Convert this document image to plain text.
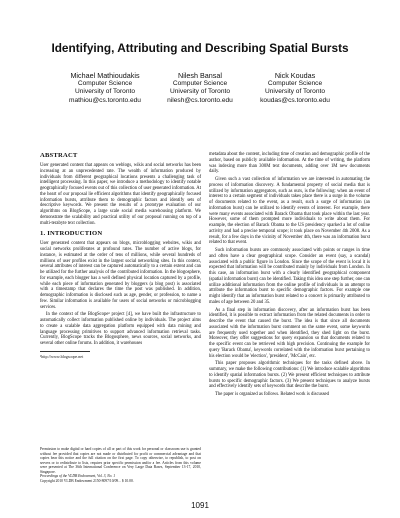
Identifying, Attributing and Describing Spatial Bursts
Michael Mathioudakis
Computer Science
University of Toronto
mathiou@cs.toronto.edu
Nilesh Bansal
Computer Science
University of Toronto
nilesh@cs.toronto.edu
Nick Koudas
Computer Science
University of Toronto
koudas@cs.toronto.edu
ABSTRACT

User generated content that appears on weblogs, wikis and social networks has been increasing at an unprecedented rate. The wealth of information produced by individuals from different geographical locations presents a challenging task of intelligent processing. In this paper, we introduce a methodology to identify notable geographically focused events out of this collection of user generated information. At the heart of our proposal lie efficient algorithms that identify geographically focused information bursts, attribute them to demographic factors and identify sets of descriptive keywords. We present the results of a prototype evaluation of our algorithms on BlogScope, a large scale social media warehousing platform. We demonstrate the scalability and practical utility of our proposal running on top of a multi-terabyte text collection.

1. INTRODUCTION

User generated content that appears on blogs, microblogging websites, wikis and social networks proliferates at profound rates. The number of active blogs, for instance, is estimated at the order of tens of millions, while several hundreds of millions of user profiles exist in the largest social networking sites. In this context, several attributes of interest can be captured automatically to a certain extent and can be utilized for the further analysis of the contributed information. In the blogosphere, for example, each blogger has a well defined physical location captured by a profile, while each piece of information generated by bloggers (a blog post) is associated with a timestamp that declares the time the post was published. In addition, demographic information is disclosed such as age, gender, or profession, to name a few. Similar information is available for users of social networks or microblogging services.

In the context of the BlogScope¹ project [4], we have built the infrastructure to automatically collect information published online by individuals. The project aims to create a scalable data aggregation platform equipped with data mining and language processing primitives to support advanced information retrieval tasks. Currently, BlogScope tracks the Blogosphere, news sources, social networks, and several other online forums. In addition, it warehouses

¹http://www.blogscope.net

Permission to make digital or hard copies of all or part of this work for personal or classroom use is granted without fee provided that copies are not made or distributed for profit or commercial advantage and that copies bear this notice and the full citation on the first page. To copy otherwise, to republish, to post on servers or to redistribute to lists, requires prior specific permission and/or a fee. Articles from this volume were presented at The 36th International Conference on Very Large Data Bases, September 13-17, 2010, Singapore.
Proceedings of the VLDB Endowment, Vol. 3, No. 1
Copyright 2010 VLDB Endowment 2150-8097/10/09... $ 10.00.

metadata about the content, including time of creation and demographic profile of the author, based on publicly available information. At the time of writing, the platform was indexing more than 300M text documents, adding over 1M new documents daily.

Given such a vast collection of information we are interested in automating the process of information discovery. A fundamental property of social media that is utilized by information aggregators, such as ours, is the following: when an event of interest to a certain segment of individuals takes place there is a surge in the volume of documents related to the event, as a result, such a surge of information (an information burst) can be utilized to identify events of interest. For example, there were many events associated with Barack Obama that took place within the last year. However, some of them prompted more individuals to write about them. For example, the election of Barack Obama to the US presidency sparked a lot of online activity and had a precise temporal scope; it took place on November 4th 2008. As a result, for a few days in the vicinity of November 4th, there was an information burst related to that event.

Such information bursts are commonly associated with points or ranges in time and often have a clear geographical scope. Consider an event (say, a scandal) associated with a public figure in London. Since the scope of the event is local it is expected that information will be contributed mainly by individuals from London. In this case, an information burst with a clearly identified geographical component (spatial information burst) can be identified. Taking this idea one step further, one can utilize additional information from the online profile of individuals in an attempt to attribute the information burst to specific demographic factors. For example one might identify that an information burst related to a concert is primarily attributed to males of age between 20 and 35.

As a final step in information discovery, after an information burst has been identified, it is possible to extract information from the related documents in order to describe the event that caused the burst. The idea is that since all documents associated with the information burst comment on the same event, some keywords are frequently used together and when identified, they shed light on the burst. Moreover, they offer suggestions for query expansion so that documents related to the specific event can be retrieved with high precision. Continuing the example for query 'Barack Obama', keywords correlated with the information burst pertaining to his election would be 'election', 'president', 'McCain', etc.

This paper proposes algorithmic techniques for the tasks defined above. In summary, we make the following contributions: (1) We introduce scalable algorithms to identify spatial information bursts. (2) We present efficient techniques to attribute bursts to specific demographic factors. (3) We present techniques to analyze bursts and effectively identify sets of keywords that describe the burst.

The paper is organized as follows. Related work is discussed

1091
